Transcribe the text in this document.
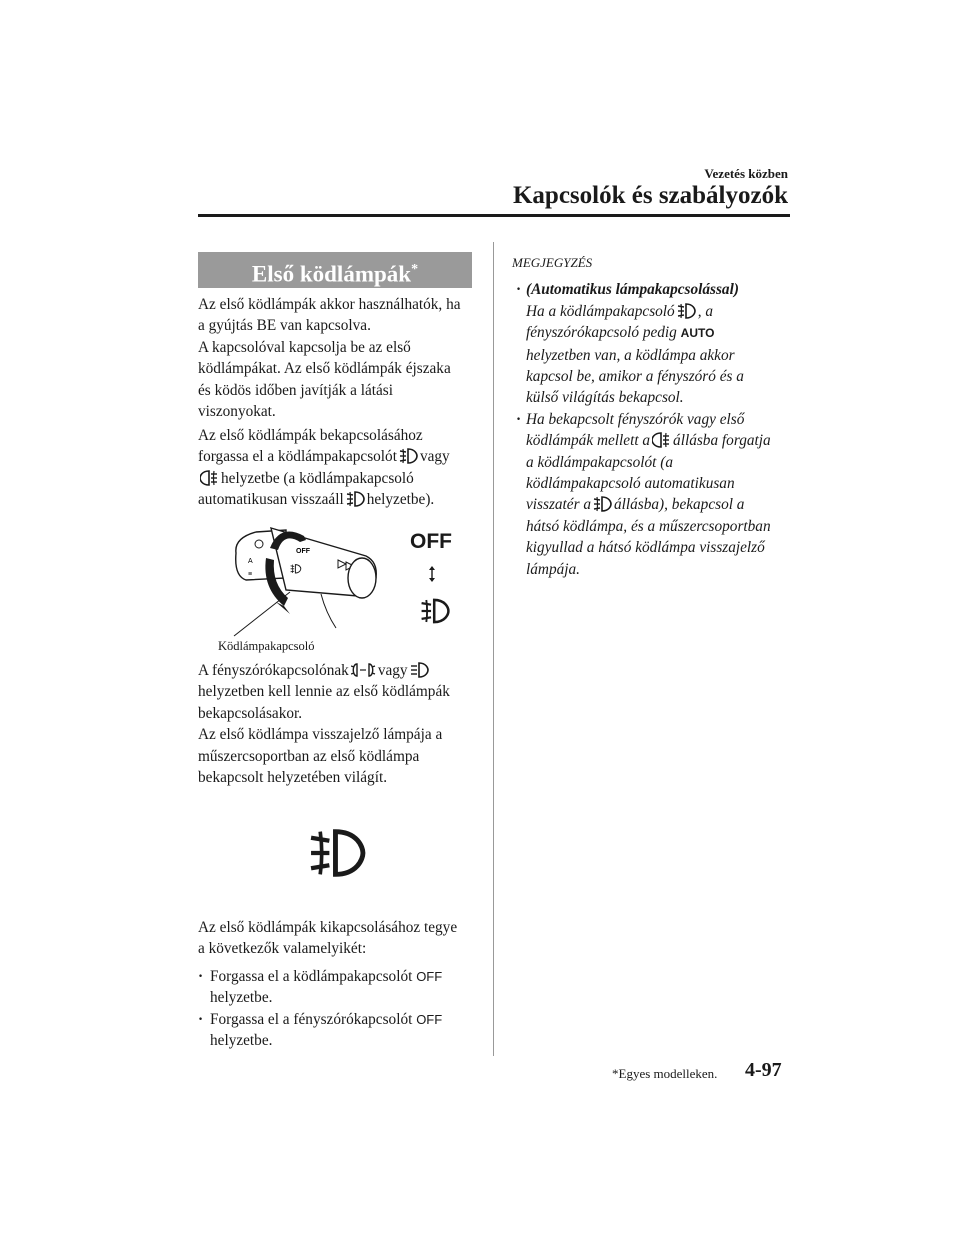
Vezetés közben
Kapcsolók és szabályozók
Első ködlámpák*
Az első ködlámpák akkor használhatók, ha
a gyújtás BE van kapcsolva.
A kapcsolóval kapcsolja be az első
ködlámpákat. Az első ködlámpák éjszaka
és ködös időben javítják a látási
viszonyokat.
Az első ködlámpák bekapcsolásához
forgassa el a ködlámpakapcsolót vagy
helyzetbe (a ködlámpakapcsoló
automatikusan visszaáll helyzetbe).
A
≡
OFF	OFF
Ködlámpakapcsoló
A fényszórókapcsolónak vagy
helyzetben kell lennie az első ködlámpák
bekapcsolásakor.
Az első ködlámpa visszajelző lámpája a
műszercsoportban az első ködlámpa
bekapcsolt helyzetében világít.
Az első ködlámpák kikapcsolásához tegye
a következők valamelyikét:
· Forgassa el a ködlámpakapcsolót OFF
helyzetbe.
· Forgassa el a fényszórókapcsolót OFF
helyzetbe.
MEGJEGYZÉS
· (Automatikus lámpakapcsolással)
Ha a ködlámpakapcsoló , a
fényszórókapcsoló pedig AUTO
helyzetben van, a ködlámpa akkor
kapcsol be, amikor a fényszóró és a
külső világítás bekapcsol.
· Ha bekapcsolt fényszórók vagy első
ködlámpák mellett a állásba forgatja
a ködlámpakapcsolót (a
ködlámpakapcsoló automatikusan
visszatér a állásba), bekapcsol a
hátsó ködlámpa, és a műszercsoportban
kigyullad a hátsó ködlámpa visszajelző
lámpája.
*Egyes modelleken. 4-97
